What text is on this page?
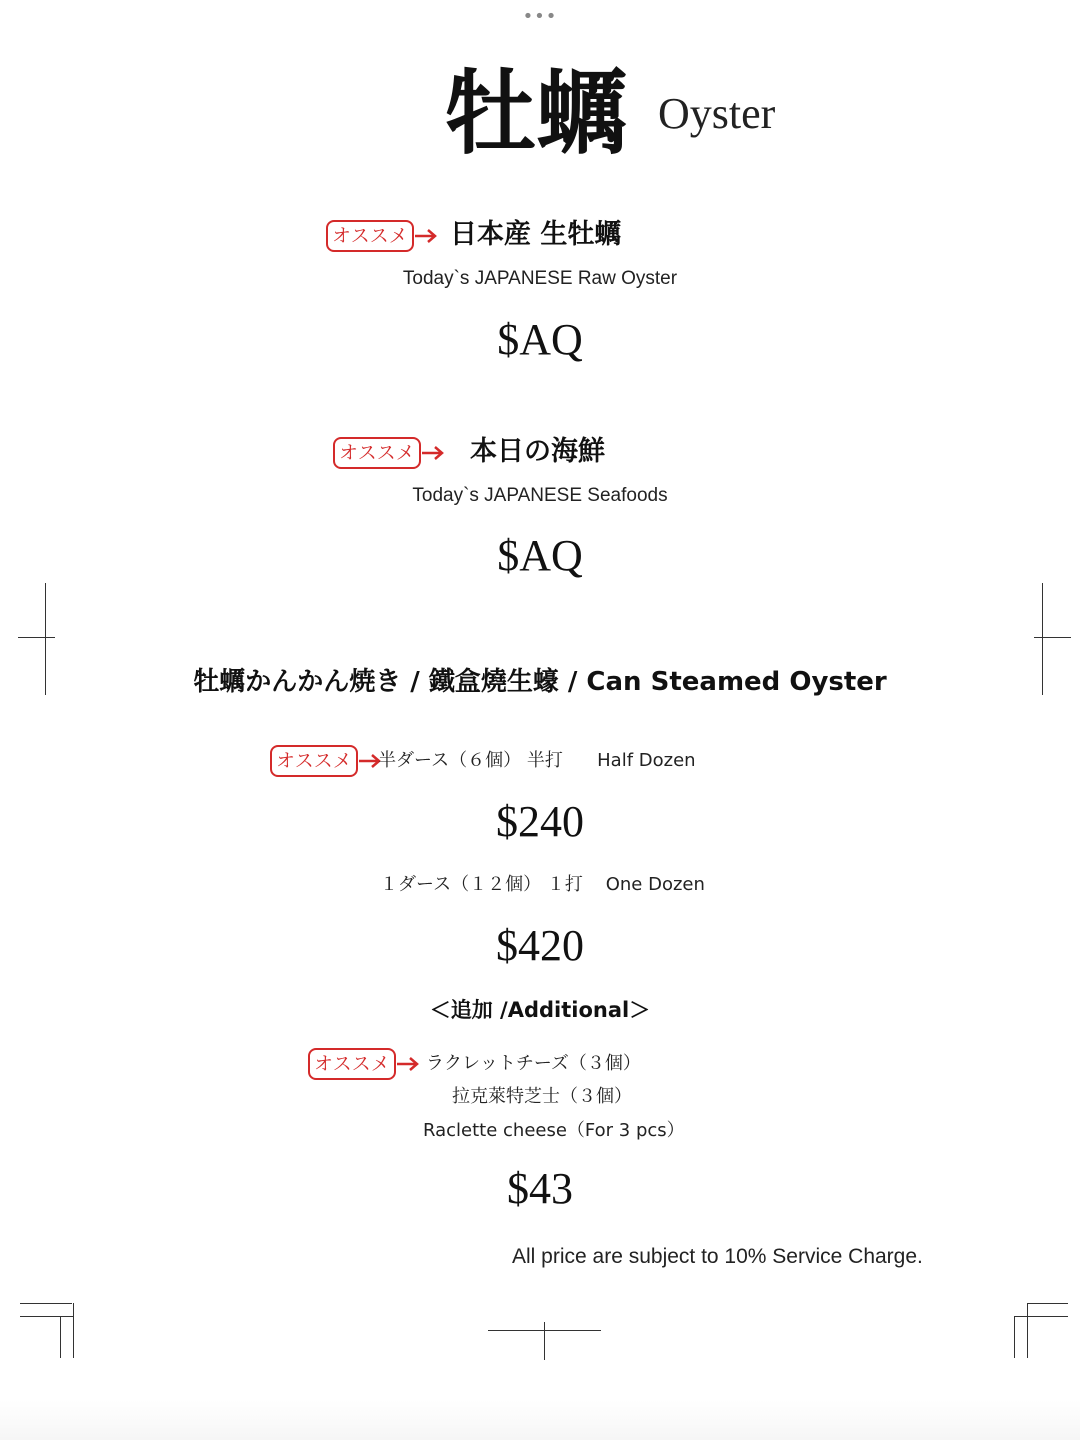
•••
牡蠣 Oyster
オススメ 日本産 生牡蠣
Today`s JAPANESE Raw Oyster
$AQ
オススメ 本日の海鮮
Today`s JAPANESE Seafoods
$AQ
牡蠣かんかん焼き / 鐵盒燒生蠔 / Can Steamed Oyster
オススメ	半ダース（６個） 半打      Half Dozen
$240
１ダース（１２個） １打    One Dozen
$420
＜追加 /Additional＞
オススメ	ラクレットチーズ（３個）
拉克萊特芝士（３個）
Raclette cheese（For 3 pcs）
$43
All price are subject to 10% Service Charge.
